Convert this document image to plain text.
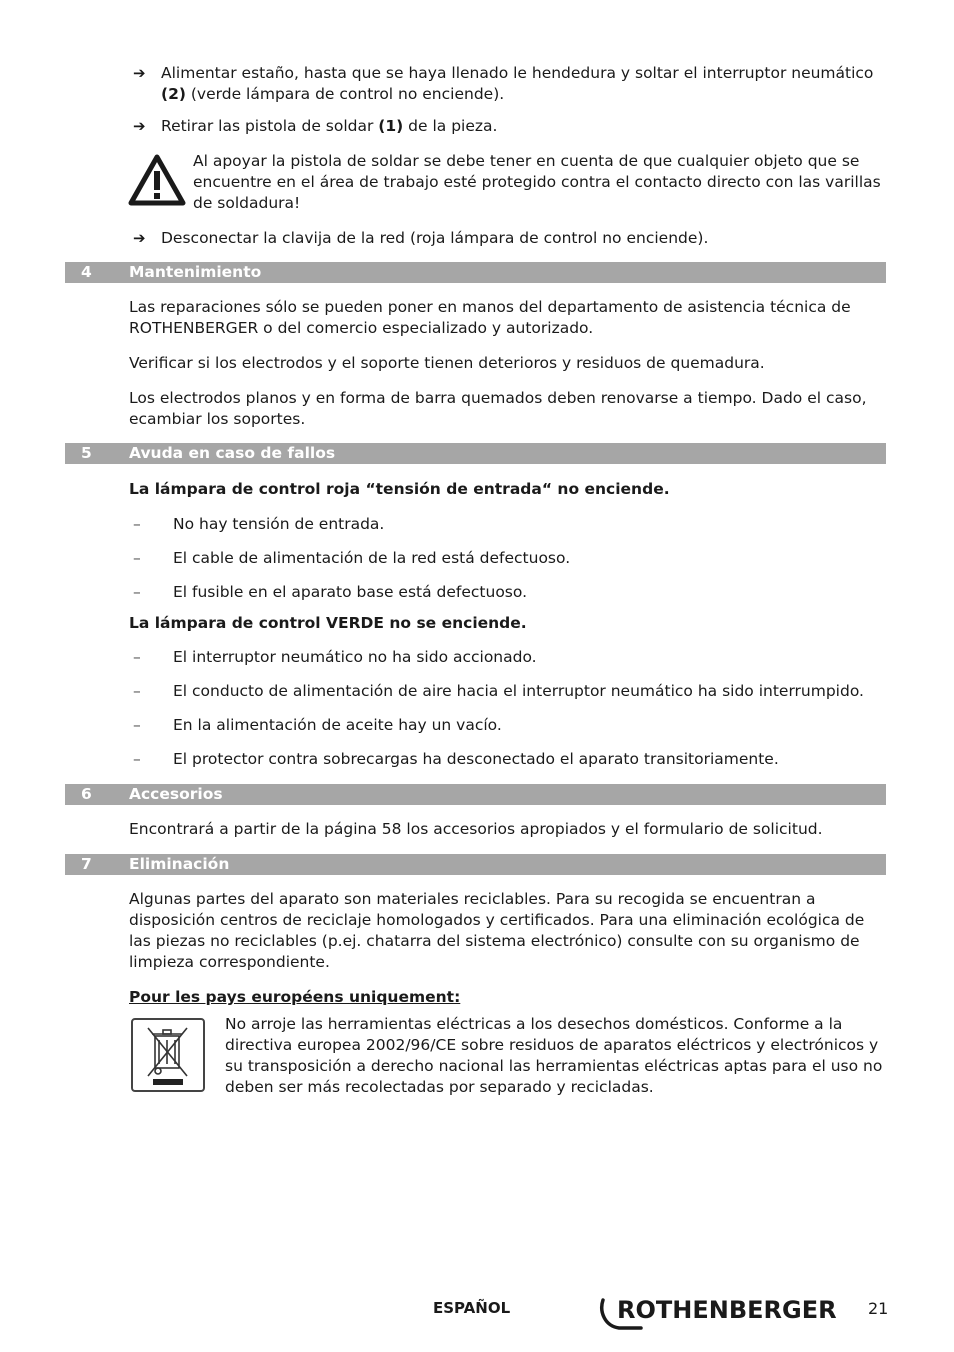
➔ Alimentar estaño, hasta que se haya llenado le hendedura y soltar el interruptor neumático (2) (verde lámpara de control no enciende).
➔ Retirar las pistola de soldar (1) de la pieza.
Al apoyar la pistola de soldar se debe tener en cuenta de que cualquier objeto que se encuentre en el área de trabajo esté protegido contra el contacto directo con las varillas de soldadura!
➔ Desconectar la clavija de la red (roja lámpara de control no enciende).
4 Mantenimiento
Las reparaciones sólo se pueden poner en manos del departamento de asistencia técnica de ROTHENBERGER o del comercio especializado y autorizado.
Verificar si los electrodos y el soporte tienen deterioros y residuos de quemadura.
Los electrodos planos y en forma de barra quemados deben renovarse a tiempo. Dado el caso, ecambiar los soportes.
5 Avuda en caso de fallos
La lámpara de control roja “tensión de entrada“ no enciende.
– No hay tensión de entrada.
– El cable de alimentación de la red está defectuoso.
– El fusible en el aparato base está defectuoso.
La lámpara de control VERDE no se enciende.
– El interruptor neumático no ha sido accionado.
– El conducto de alimentación de aire hacia el interruptor neumático ha sido interrumpido.
– En la alimentación de aceite hay un vacío.
– El protector contra sobrecargas ha desconectado el aparato transitoriamente.
6 Accesorios
Encontrará a partir de la página 58 los accesorios apropiados y el formulario de solicitud.
7 Eliminación
Algunas partes del aparato son materiales reciclables. Para su recogida se encuentran a disposición centros de reciclaje homologados y certificados. Para una eliminación ecológica de las piezas no reciclables (p.ej. chatarra del sistema electrónico) consulte con su organismo de limpieza correspondiente.
Pour les pays européens uniquement:
No arroje las herramientas eléctricas a los desechos domésticos. Conforme a la directiva europea 2002/96/CE sobre residuos de aparatos eléctricos y electrónicos y su transposición a derecho nacional las herramientas eléctricas aptas para el uso no deben ser más recolectadas por separado y recicladas.
ESPAÑOL	ROTHENBERGER 21
